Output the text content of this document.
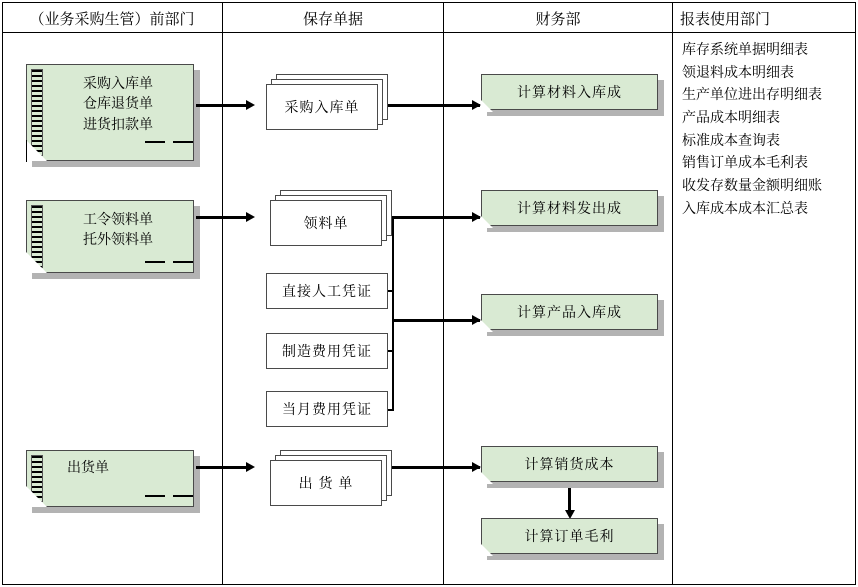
（业务采购生管）前部门	保存单据	财务部	报表使用部门
采购入库单
仓库退货单
进货扣款单
工令领料单
托外领料单
出货单
采购入库单
领料单
直接人工凭证
制造费用凭证
当月费用凭证
出 货 单
计算材料入库成
计算材料发出成
计算产品入库成
计算销货成本
计算订单毛利
库存系统单据明细表
领退料成本明细表
生产单位进出存明细表
产品成本明细表
标准成本查询表
销售订单成本毛利表
收发存数量金额明细账
入库成本成本汇总表
